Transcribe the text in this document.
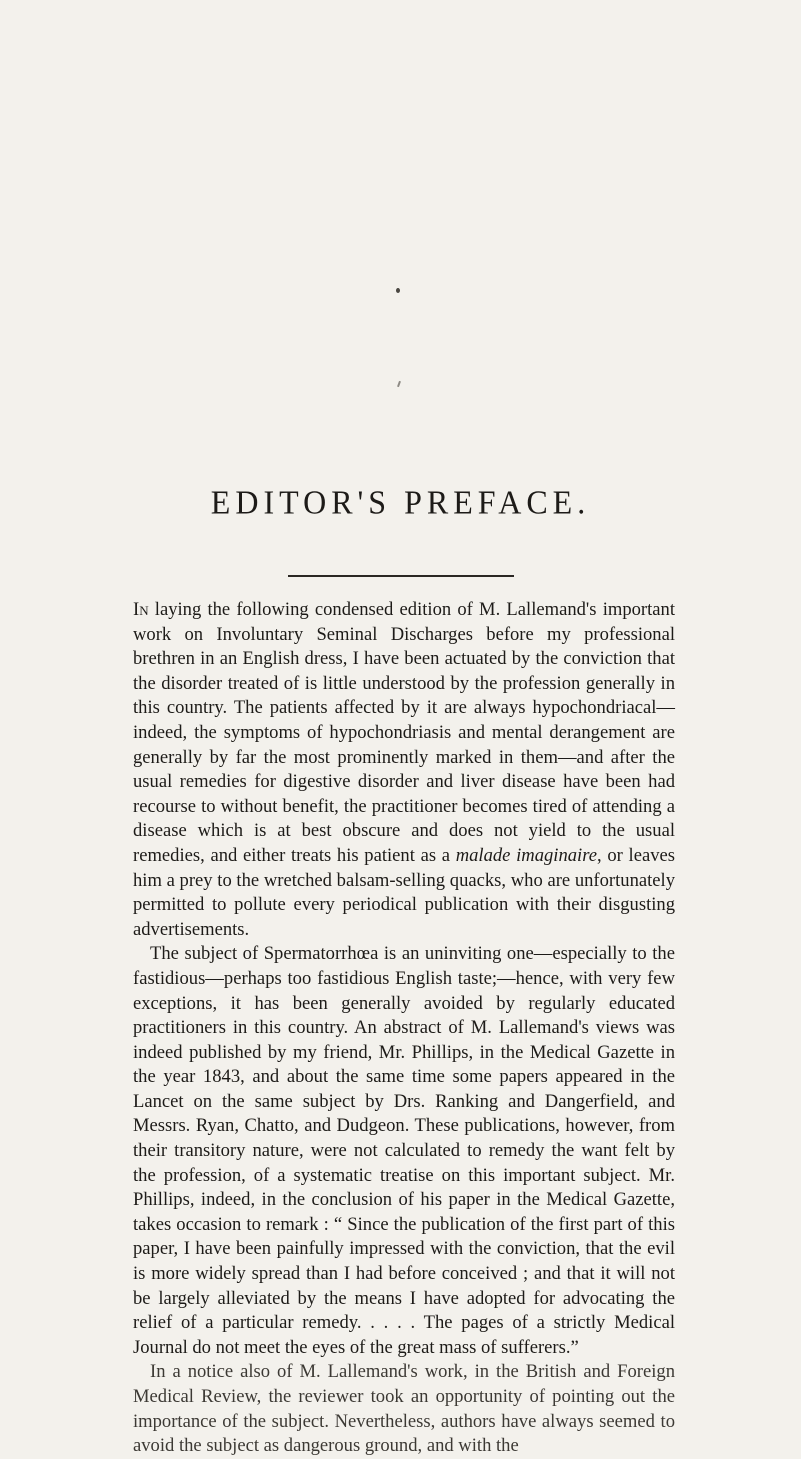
EDITOR'S PREFACE.

In laying the following condensed edition of M. Lallemand's important work on Involuntary Seminal Discharges before my professional brethren in an English dress, I have been actuated by the conviction that the disorder treated of is little understood by the profession generally in this country. The patients affected by it are always hypochondriacal—indeed, the symptoms of hypochondriasis and mental derangement are generally by far the most prominently marked in them—and after the usual remedies for digestive disorder and liver disease have been had recourse to without benefit, the practitioner becomes tired of attending a disease which is at best obscure and does not yield to the usual remedies, and either treats his patient as a malade imaginaire, or leaves him a prey to the wretched balsam-selling quacks, who are unfortunately permitted to pollute every periodical publication with their disgusting advertisements.

The subject of Spermatorrhœa is an uninviting one—especially to the fastidious—perhaps too fastidious English taste;—hence, with very few exceptions, it has been generally avoided by regularly educated practitioners in this country. An abstract of M. Lallemand's views was indeed published by my friend, Mr. Phillips, in the Medical Gazette in the year 1843, and about the same time some papers appeared in the Lancet on the same subject by Drs. Ranking and Dangerfield, and Messrs. Ryan, Chatto, and Dudgeon. These publications, however, from their transitory nature, were not calculated to remedy the want felt by the profession, of a systematic treatise on this important subject. Mr. Phillips, indeed, in the conclusion of his paper in the Medical Gazette, takes occasion to remark : “ Since the publication of the first part of this paper, I have been painfully impressed with the conviction, that the evil is more widely spread than I had before conceived ; and that it will not be largely alleviated by the means I have adopted for advocating the relief of a particular remedy. . . . . The pages of a strictly Medical Journal do not meet the eyes of the great mass of sufferers.”

In a notice also of M. Lallemand's work, in the British and Foreign Medical Review, the reviewer took an opportunity of pointing out the importance of the subject. Nevertheless, authors have always seemed to avoid the subject as dangerous ground, and with the
